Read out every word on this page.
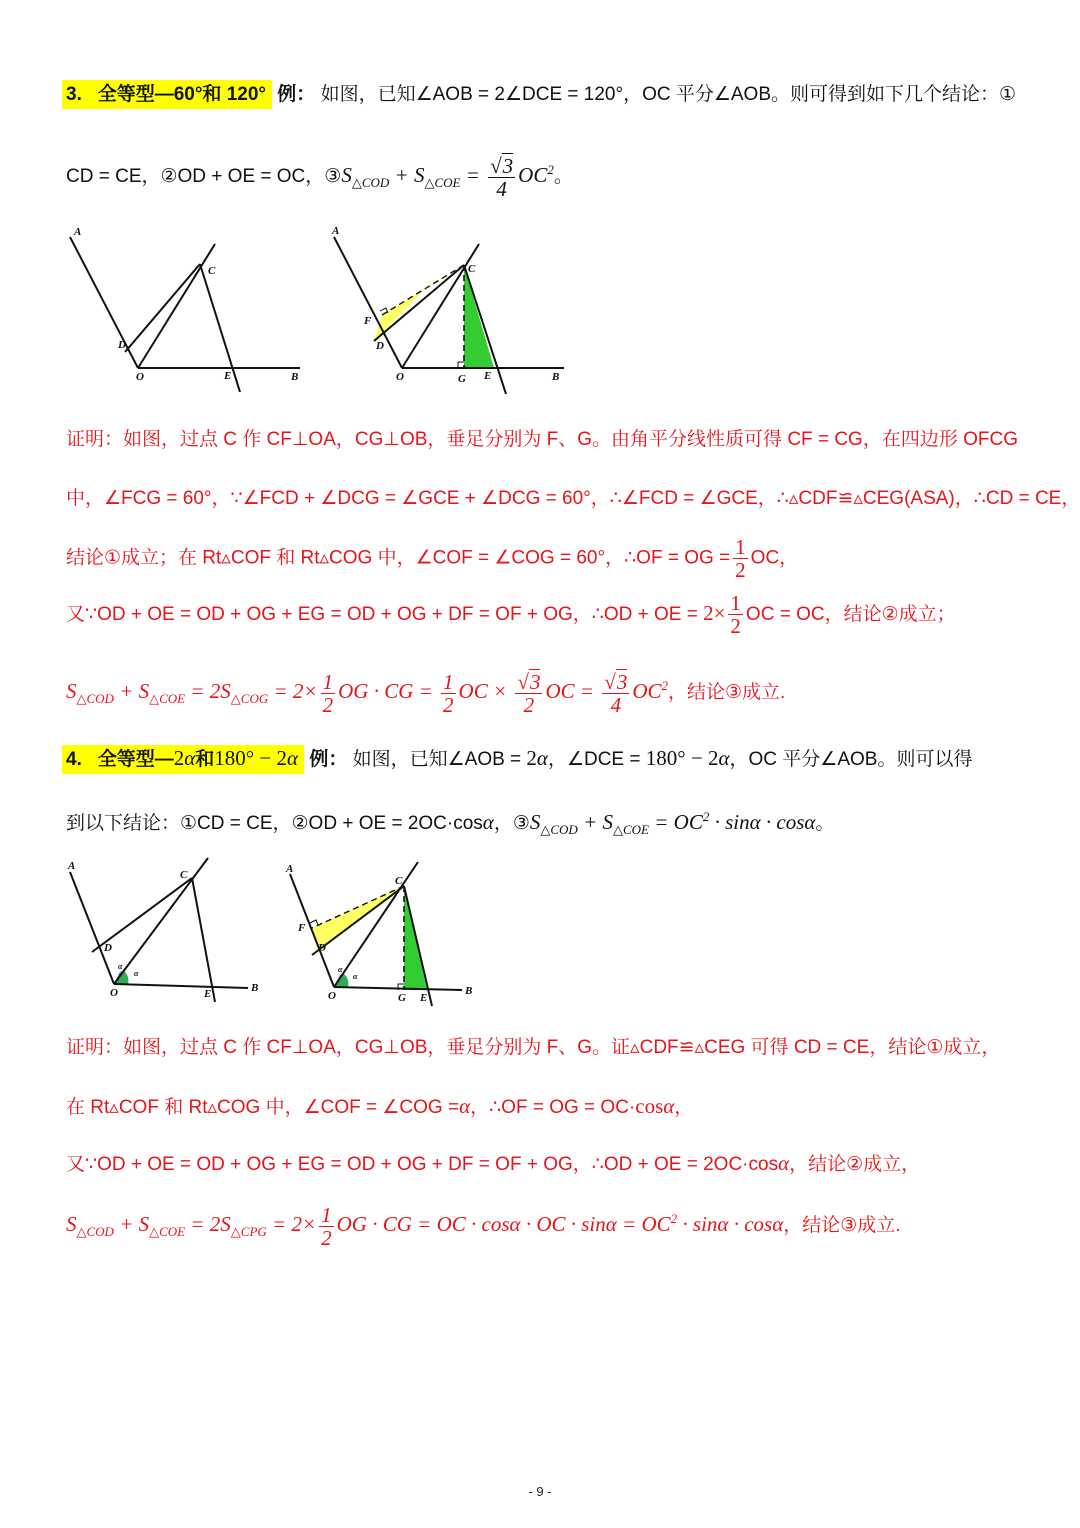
3. 全等型—60°和 120° 例： 如图，已知∠AOB = 2∠DCE = 120°，OC 平分∠AOB。则可得到如下几个结论：①
CD = CE，②OD + OE = OC，$③S_{\triangle COD} + S_{\triangle COE} = \frac{√3}{4} OC^2$。
A
C
D
O	E	B
A
C
F
D
O	G E	B
证明：如图，过点 C 作 CF⊥OA，CG⊥OB，垂足分别为 F、G。由角平分线性质可得 CF = CG，在四边形 OFCG
中，∠FCG = 60°，∵∠FCD + ∠DCG = ∠GCE + ∠DCG = 60°，∴∠FCD = ∠GCE，∴▵CDF≌▵CEG(ASA)，∴CD = CE，
结论①成立；在 Rt▵COF 和 Rt▵COG 中，∠COF = ∠COG = 60°，∴OF = OG = $\frac{1}{2}$ OC，
又∵OD + OE = OD + OG + EG = OD + OG + DF = OF + OG，∴OD + OE = $2\times \frac{1}{2}$ OC = OC，结论②成立；
$S_{\triangle COD} + S_{\triangle COE} = 2S_{\triangle COG} = 2\times \frac{1}{2}$ OG · CG = $\frac{1}{2}$ OC × $\frac{√3}{2}$ OC = $\frac{√3}{4} OC^2$，结论③成立.
4. 全等型—2α和180° − 2α 例： 如图，已知∠AOB = 2α，∠DCE = 180° − 2α，OC 平分∠AOB。则可以得
到以下结论：①CD = CE，②OD + OE = 2OC·cosα，$③S_{\triangle COD} + S_{\triangle COE} = OC^2 \cdot \sin\alpha \cdot \cos\alpha$。
A
C
D
O	E	B
α
α
A
C
F
D
O	G E
B
α
α
证明：如图，过点 C 作 CF⊥OA，CG⊥OB，垂足分别为 F、G。证▵CDF≌▵CEG 可得 CD = CE，结论①成立，
在 Rt▵COF 和 Rt▵COG 中，∠COF = ∠COG =α，∴OF = OG = OC·cosα，
又∵OD + OE = OD + OG + EG = OD + OG + DF = OF + OG，∴OD + OE = 2OC·cosα，结论②成立，
$S_{\triangle COD} + S_{\triangle COE} = 2S_{\triangle CPG} = 2\times \frac{1}{2}$ OG · CG = OC · cosα · OC · $\sin\alpha = OC^2 \cdot \sin\alpha \cdot \cos\alpha$，结论③成立.
- 9 -
